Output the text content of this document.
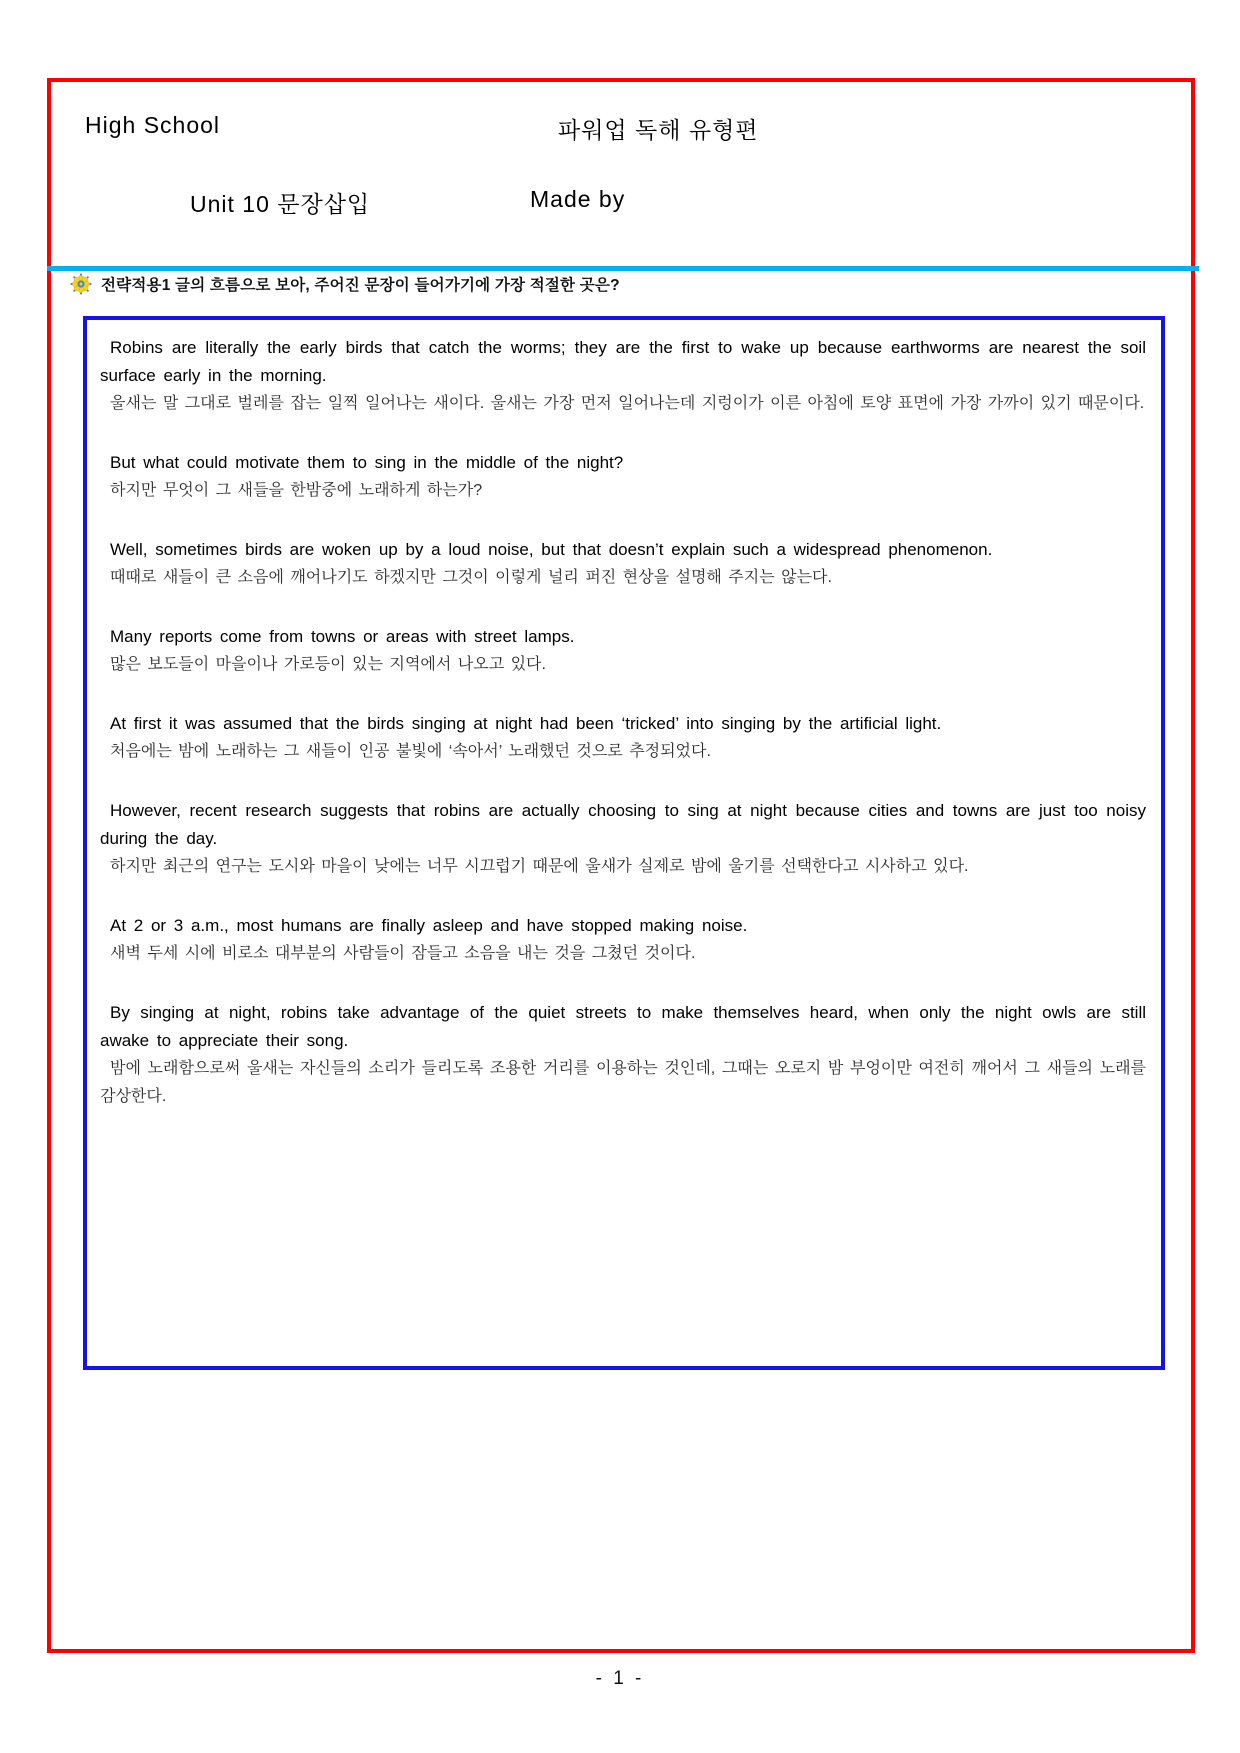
High School	파워업 독해 유형편
Unit 10 문장삽입	Made by
전략적용1 글의 흐름으로 보아, 주어진 문장이 들어가기에 가장 적절한 곳은?

Robins are literally the early birds that catch the worms; they are the first to wake up because earthworms are nearest the soil surface early in the morning.

울새는 말 그대로 벌레를 잡는 일찍 일어나는 새이다. 울새는 가장 먼저 일어나는데 지렁이가 이른 아침에 토양 표면에 가장 가까이 있기 때문이다.

But what could motivate them to sing in the middle of the night?

하지만 무엇이 그 새들을 한밤중에 노래하게 하는가?

Well, sometimes birds are woken up by a loud noise, but that doesn’t explain such a widespread phenomenon.

때때로 새들이 큰 소음에 깨어나기도 하겠지만 그것이 이렇게 널리 퍼진 현상을 설명해 주지는 않는다.

Many reports come from towns or areas with street lamps.

많은 보도들이 마을이나 가로등이 있는 지역에서 나오고 있다.

At first it was assumed that the birds singing at night had been ‘tricked’ into singing by the artificial light.

처음에는 밤에 노래하는 그 새들이 인공 불빛에 ‘속아서’ 노래했던 것으로 추정되었다.

However, recent research suggests that robins are actually choosing to sing at night because cities and towns are just too noisy during the day.

하지만 최근의 연구는 도시와 마을이 낮에는 너무 시끄럽기 때문에 울새가 실제로 밤에 울기를 선택한다고 시사하고 있다.

At 2 or 3 a.m., most humans are finally asleep and have stopped making noise.

새벽 두세 시에 비로소 대부분의 사람들이 잠들고 소음을 내는 것을 그쳤던 것이다.

By singing at night, robins take advantage of the quiet streets to make themselves heard, when only the night owls are still awake to appreciate their song.

밤에 노래함으로써 울새는 자신들의 소리가 들리도록 조용한 거리를 이용하는 것인데, 그때는 오로지 밤 부엉이만 여전히 깨어서 그 새들의 노래를 감상한다.

- 1 -
